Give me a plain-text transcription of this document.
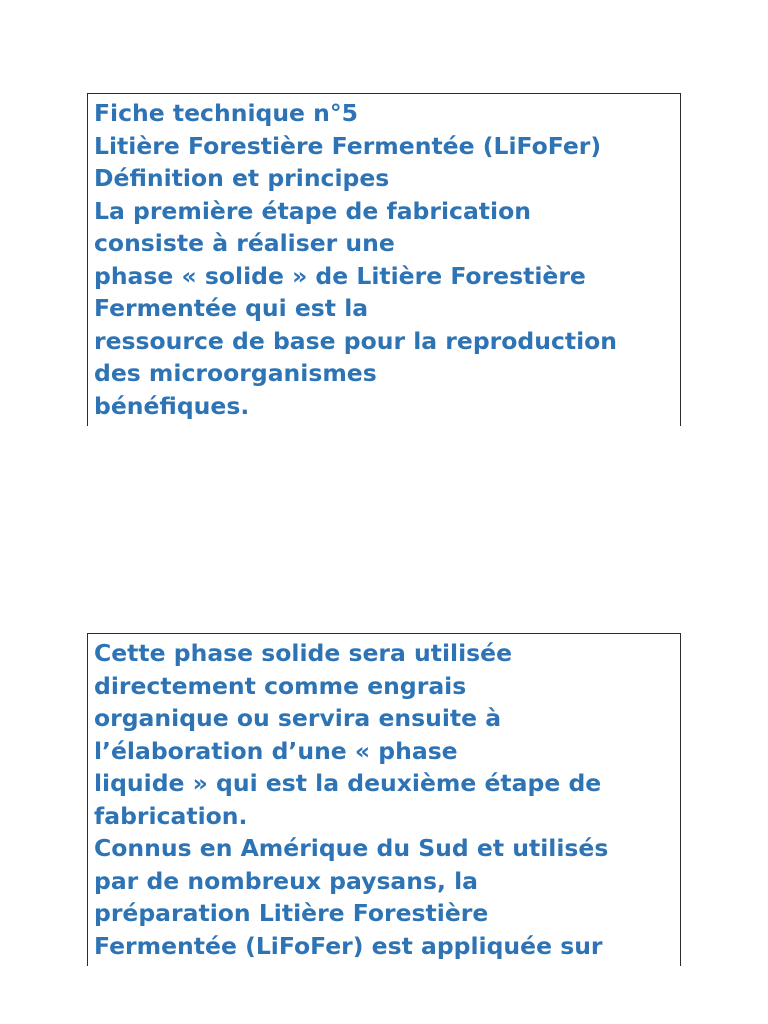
Fiche technique n°5
Litière Forestière Fermentée (LiFoFer)
Définition et principes
La première étape de fabrication
consiste à réaliser une
phase « solide » de Litière Forestière
Fermentée qui est la
ressource de base pour la reproduction
des microorganismes
bénéfiques.
Cette phase solide sera utilisée
directement comme engrais
organique ou servira ensuite à
l’élaboration d’une « phase
liquide » qui est la deuxième étape de
fabrication.
Connus en Amérique du Sud et utilisés
par de nombreux paysans, la
préparation Litière Forestière
Fermentée (LiFoFer) est appliquée sur
